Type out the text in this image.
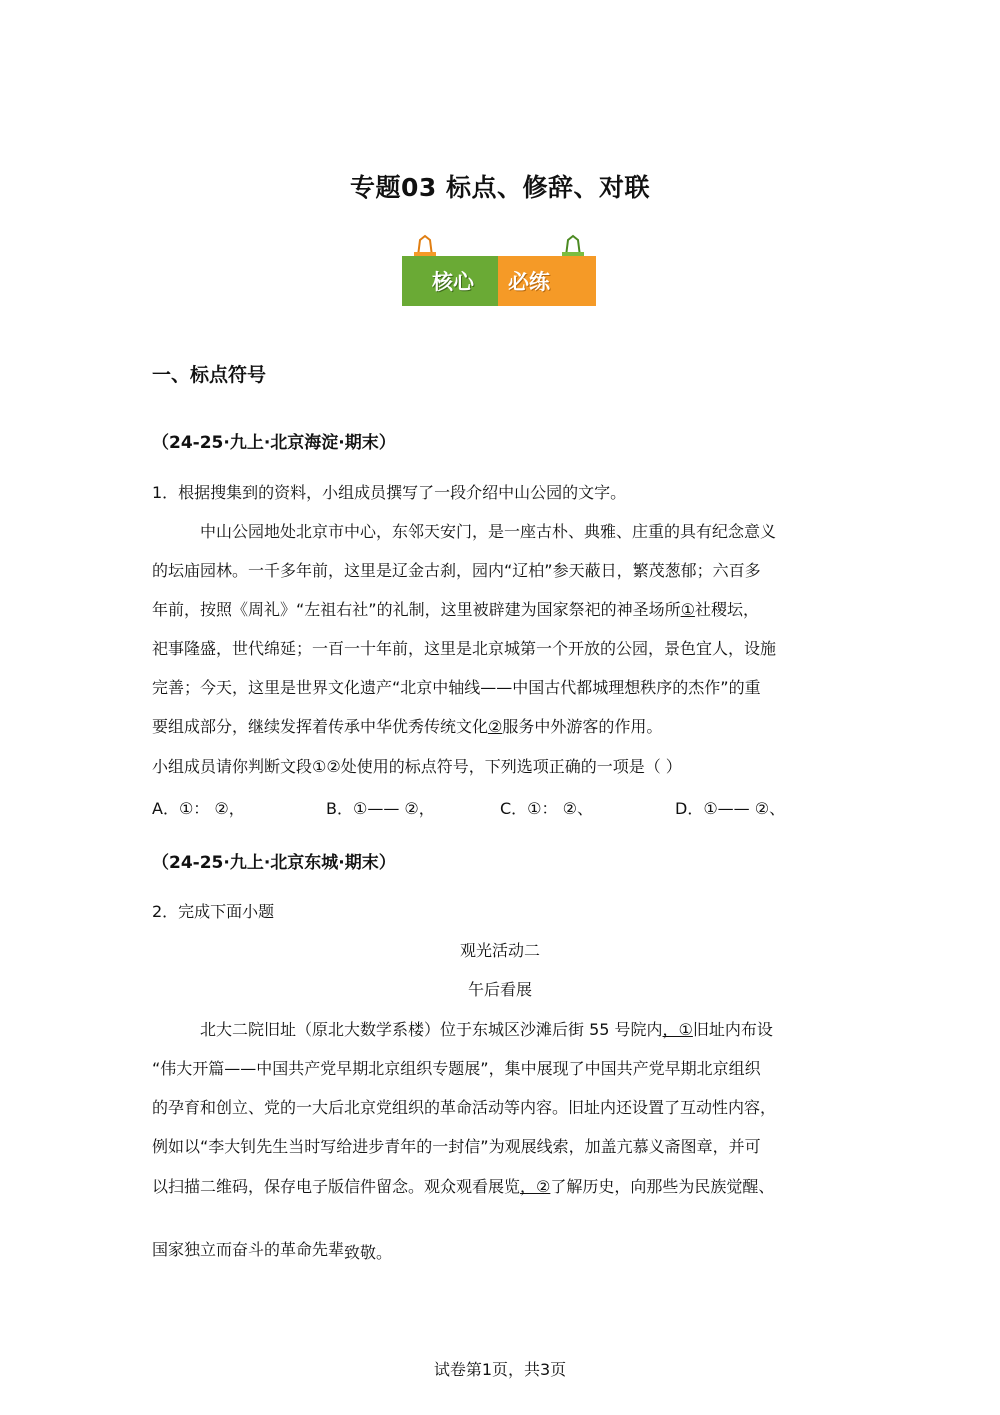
专题03 标点、修辞、对联
核心 必练
一、标点符号
（24-25·九上·北京海淀·期末）
1．根据搜集到的资料，小组成员撰写了一段介绍中山公园的文字。
中山公园地处北京市中心，东邻天安门，是一座古朴、典雅、庄重的具有纪念意义
的坛庙园林。一千多年前，这里是辽金古刹，园内“辽柏”参天蔽日，繁茂葱郁；六百多
年前，按照《周礼》“左祖右社”的礼制，这里被辟建为国家祭祀的神圣场所①社稷坛，
祀事隆盛，世代绵延；一百一十年前，这里是北京城第一个开放的公园，景色宜人，设施
完善；今天，这里是世界文化遗产“北京中轴线——中国古代都城理想秩序的杰作”的重
要组成部分，继续发挥着传承中华优秀传统文化②服务中外游客的作用。
小组成员请你判断文段①②处使用的标点符号，下列选项正确的一项是（ ）
A．①： ②，	B．①—— ②，	C．①： ②、	D．①—— ②、
（24-25·九上·北京东城·期末）
2．完成下面小题
观光活动二
午后看展
北大二院旧址（原北大数学系楼）位于东城区沙滩后街 55 号院内，①旧址内布设
“伟大开篇——中国共产党早期北京组织专题展”，集中展现了中国共产党早期北京组织
的孕育和创立、党的一大后北京党组织的革命活动等内容。旧址内还设置了互动性内容，
例如以“李大钊先生当时写给进步青年的一封信”为观展线索，加盖亢慕义斋图章，并可
以扫描二维码，保存电子版信件留念。观众观看展览，②了解历史，向那些为民族觉醒、
国家独立而奋斗的革命先辈致敬。
试卷第1页，共3页
